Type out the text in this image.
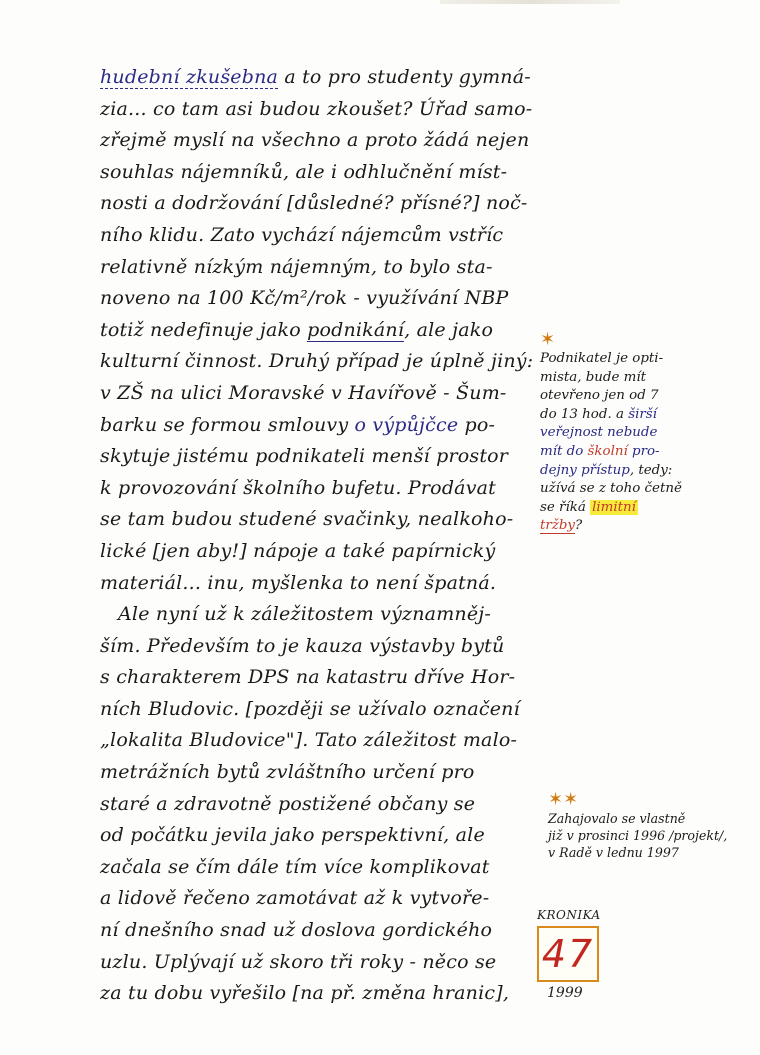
hudební zkušebna a to pro studenty gymná-
zia... co tam asi budou zkoušet? Úřad samo-
zřejmě myslí na všechno a proto žádá nejen
souhlas nájemníků, ale i odhlučnění míst-
nosti a dodržování [důsledné? přísné?] noč-
ního klidu. Zato vychází nájemcům vstříc
relativně nízkým nájemným, to bylo sta-
noveno na 100 Kč/m²/rok - využívání NBP
totiž nedefinuje jako podnikání, ale jako
kulturní činnost. Druhý případ je úplně jiný:
v ZŠ na ulici Moravské v Havířově - Šum-
barku se formou smlouvy o výpůjčce po-
skytuje jistému podnikateli menší prostor
k provozování školního bufetu. Prodávat
se tam budou studené svačinky, nealkoho-
lické [jen aby!] nápoje a také papírnický
materiál... inu, myšlenka to není špatná.
Ale nyní už k záležitostem významněj-
ším. Především to je kauza výstavby bytů
s charakterem DPS na katastru dříve Hor-
ních Bludovic. [později se užívalo označení
„lokalita Bludovice"]. Tato záležitost malo-
metrážních bytů zvláštního určení pro
staré a zdravotně postižené občany se
od počátku jevila jako perspektivní, ale
začala se čím dále tím více komplikovat
a lidově řečeno zamotávat až k vytvoře-
ní dnešního snad už doslova gordického
uzlu. Uplývají už skoro tři roky - něco se
za tu dobu vyřešilo [na př. změna hranic],
✶
Podnikatel je opti-
mista, bude mít
otevřeno jen od 7
do 13 hod. a širší
veřejnost nebude
mít do školní pro-
dejny přístup, tedy:
užívá se z toho četně
se říká limitní
tržby?
✶✶
Zahajovalo se vlastně
již v prosinci 1996 /projekt/,
v Radě v lednu 1997
KRONIKA
47
1999
